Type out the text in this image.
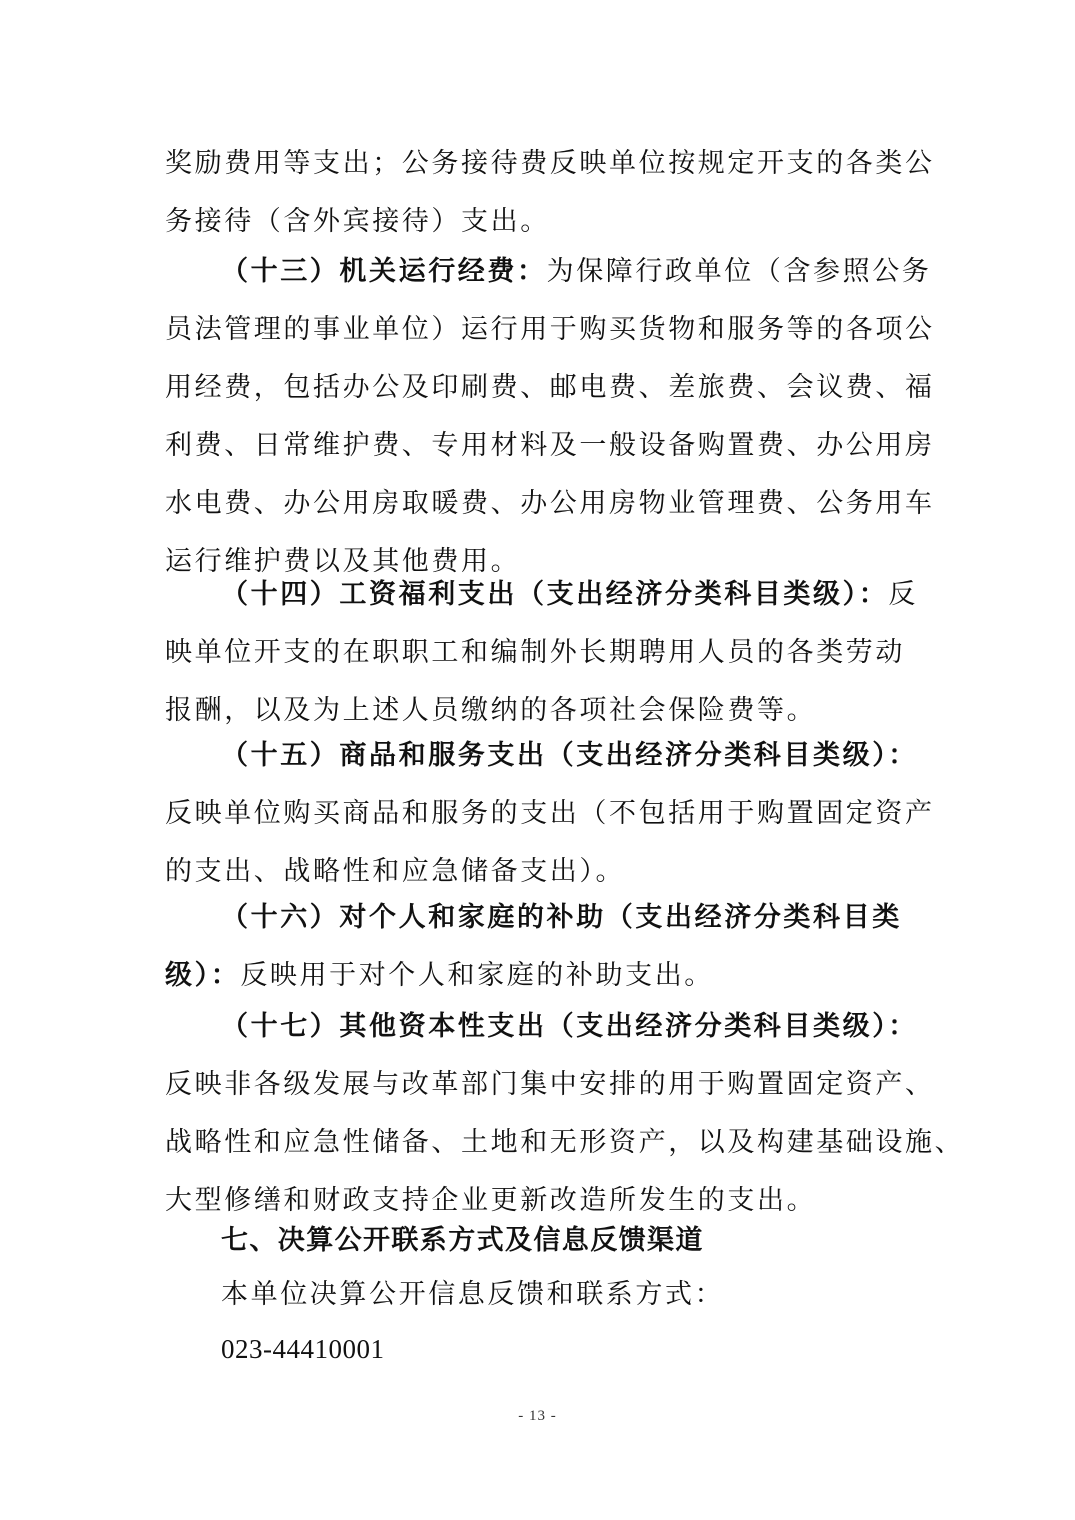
奖励费用等支出；公务接待费反映单位按规定开支的各类公
务接待（含外宾接待）支出。
（十三）机关运行经费：为保障行政单位（含参照公务
员法管理的事业单位）运行用于购买货物和服务等的各项公
用经费，包括办公及印刷费、邮电费、差旅费、会议费、福
利费、日常维护费、专用材料及一般设备购置费、办公用房
水电费、办公用房取暖费、办公用房物业管理费、公务用车
运行维护费以及其他费用。
（十四）工资福利支出（支出经济分类科目类级）：反
映单位开支的在职职工和编制外长期聘用人员的各类劳动
报酬，以及为上述人员缴纳的各项社会保险费等。
（十五）商品和服务支出（支出经济分类科目类级）：
反映单位购买商品和服务的支出（不包括用于购置固定资产
的支出、战略性和应急储备支出）。
（十六）对个人和家庭的补助（支出经济分类科目类
级）：反映用于对个人和家庭的补助支出。
（十七）其他资本性支出（支出经济分类科目类级）：
反映非各级发展与改革部门集中安排的用于购置固定资产、
战略性和应急性储备、土地和无形资产，以及构建基础设施、
大型修缮和财政支持企业更新改造所发生的支出。
七、决算公开联系方式及信息反馈渠道
本单位决算公开信息反馈和联系方式：
023-44410001
- 13 -
